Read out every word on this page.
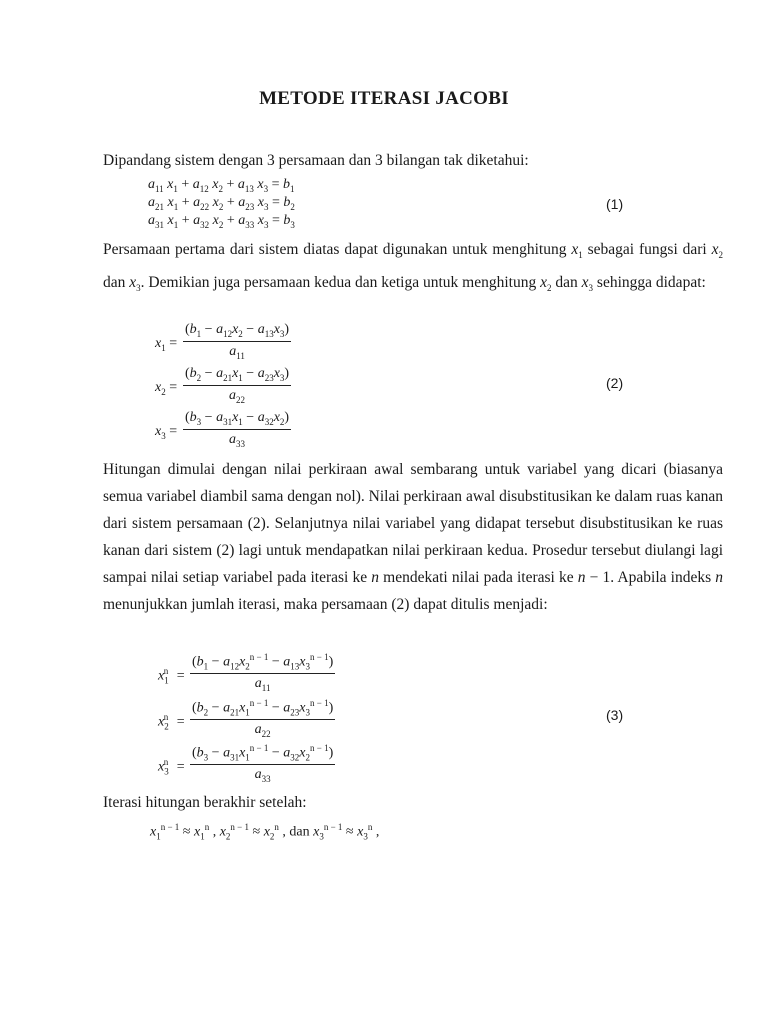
METODE ITERASI JACOBI

Dipandang sistem dengan 3 persamaan dan 3 bilangan tak diketahui:

$a_{11}$ $x_1 + a_{12}$ $x_2 + a_{13}$ $x_3 = b_1$
$a_{21}$ $x_1 + a_{22}$ $x_2 + a_{23}$ $x_3 = b_2$
$a_{31}$ $x_1 + a_{32}$ $x_2 + a_{33}$ $x_3 = b_3$
(1)

Persamaan pertama dari sistem diatas dapat digunakan untuk menghitung $x_1$ sebagai fungsi dari $x_2$ dan $x_3$. Demikian juga persamaan kedua dan ketiga untuk menghitung $x_2$ dan $x_3$ sehingga didapat:

$x_1$ =
$(b_1 - a_{12}x_2 - a_{13}x_3)$
$a_{11}$
$x_2$ =
$(b_2 - a_{21}x_1 - a_{23}x_3)$
$a_{22}$
$x_3$ =
$(b_3 - a_{31}x_1 - a_{32}x_2)$
$a_{33}$
(2)

Hitungan dimulai dengan nilai perkiraan awal sembarang untuk variabel yang dicari (biasanya semua variabel diambil sama dengan nol). Nilai perkiraan awal disubstitusikan ke dalam ruas kanan dari sistem persamaan (2). Selanjutnya nilai variabel yang didapat tersebut disubstitusikan ke ruas kanan dari sistem (2) lagi untuk mendapatkan nilai perkiraan kedua. Prosedur tersebut diulangi lagi sampai nilai setiap variabel pada iterasi ke n mendekati nilai pada iterasi ke n − 1. Apabila indeks n menunjukkan jumlah iterasi, maka persamaan (2) dapat ditulis menjadi:

$x_1^n$ =
$(b_1 - a_{12}x_2^{n - 1} - a_{13}x_3^{n - 1})$
$a_{11}$
$x_2^n$ =
$(b_2 - a_{21}x_1^{n - 1} - a_{23}x_3^{n - 1})$
$a_{22}$
$x_3^n$ =
$(b_3 - a_{31}x_1^{n - 1} - a_{32}x_2^{n - 1})$
$a_{33}$
(3)

Iterasi hitungan berakhir setelah:

$x_1^{n - 1} \approx x_1^n$ , $x_2^{n - 1} \approx x_2^n$ , dan $x_3^{n - 1} \approx x_3^n$ ,
